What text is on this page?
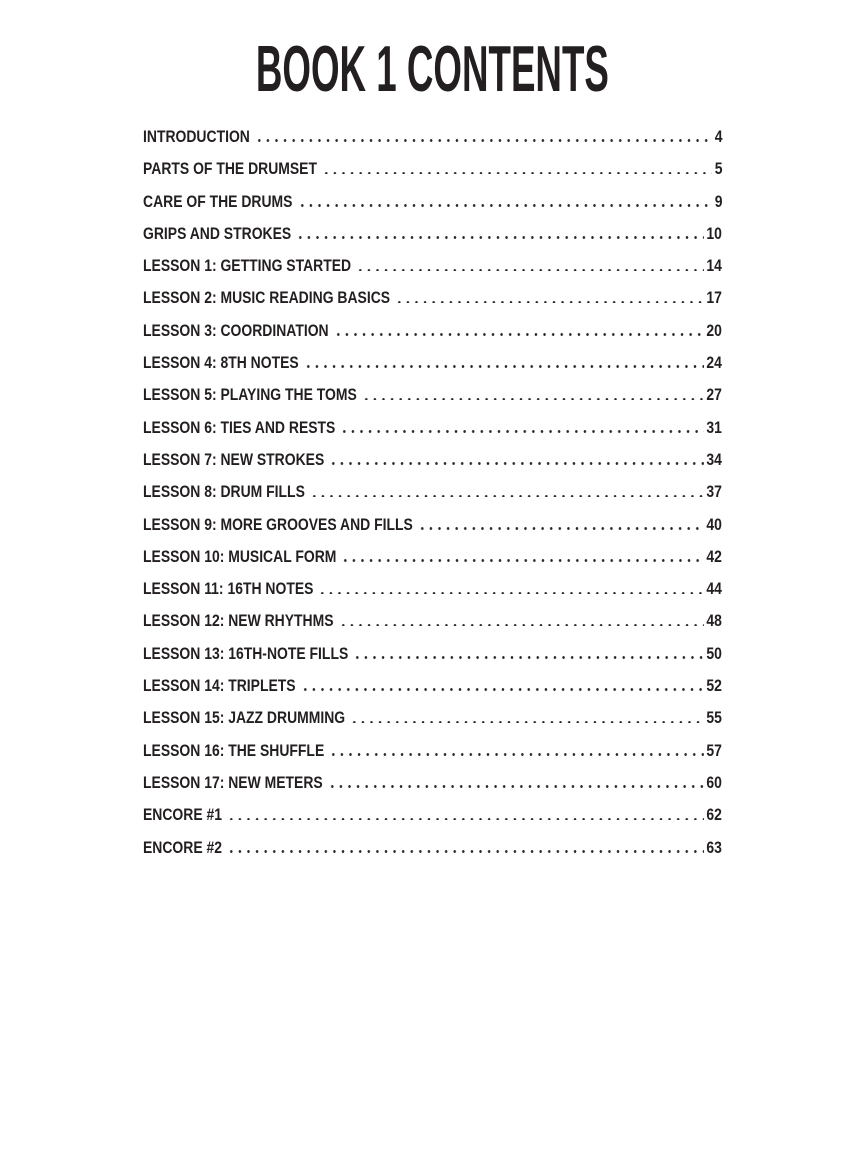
BOOK 1 CONTENTS
INTRODUCTION	4
PARTS OF THE DRUMSET	5
CARE OF THE DRUMS	9
GRIPS AND STROKES	10
LESSON 1: GETTING STARTED	14
LESSON 2: MUSIC READING BASICS	17
LESSON 3: COORDINATION	20
LESSON 4: 8TH NOTES	24
LESSON 5: PLAYING THE TOMS	27
LESSON 6: TIES AND RESTS	31
LESSON 7: NEW STROKES	34
LESSON 8: DRUM FILLS	37
LESSON 9: MORE GROOVES AND FILLS	40
LESSON 10: MUSICAL FORM	42
LESSON 11: 16TH NOTES	44
LESSON 12: NEW RHYTHMS	48
LESSON 13: 16TH-NOTE FILLS	50
LESSON 14: TRIPLETS	52
LESSON 15: JAZZ DRUMMING	55
LESSON 16: THE SHUFFLE	57
LESSON 17: NEW METERS	60
ENCORE #1	62
ENCORE #2	63
